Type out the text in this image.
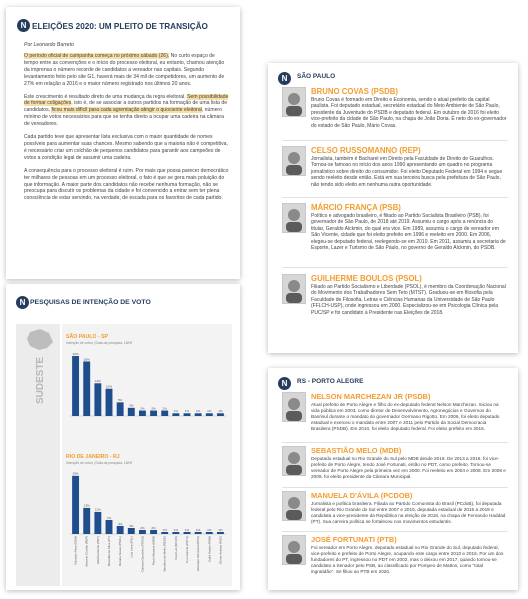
N ELEIÇÕES 2020: UM PLEITO DE TRANSIÇÃO
Por Leonardo Barreto

O período oficial de campanha começa no próximo sábado (26). No curto espaço de tempo entre as convenções e o início do processo eleitoral, eu entanto, chamou atenção da imprensa o número recorde de candidatos a vereador nas capitais. Segundo levantamento feito pelo site G1, haverá mais de 34 mil de competidores, um aumento de 27% em relação a 2016 e o maior número registrado nos últimos 20 anos.

Este crescimento é resultado direto de uma mudança da regra eleitoral. Sem possibilidade de formar coligações, isto é, de se associar a outros partidos na formação de uma lista de candidatos, ficou mais difícil para cada agremiação atingir o quociente eleitoral, número mínimo de votos necessários para que se tenha direito a ocupar uma cadeira na câmara de vereadores.

Cada partido teve que apresentar lista exclusiva com o maior quantidade de nomes possíveis para aumentar suas chances. Mesmo sabendo que a maioria não é competitiva, é necessário criar um colchão de pequenos candidatos para garantir aos campeões de votos a condição legal de assumir uma cadeira.

A consequência para o processo eleitoral é ruim. Por mais que possa parecer democrático ter milhares de pessoas em um processo eleitoral, o fato é que se gera mais poluição do que informação. A maior parte dos candidatos não recebe nenhuma formação, não se preocupa para discutir os problemas da cidade e foi convencido a entrar sem ter plena consciência de estar servindo, na verdade, de escada para os favoritos de cada partido.

N PESQUISAS DE INTENÇÃO DE VOTO
SUDESTE
SÃO PAULO - SP
Intenção de votos | Data da pesquisa: 18/09
22%
20%
12%
10%
5%
3%
2% 2% 2%
1% 1% 1% 1% 1%
RIO DE JANEIRO - RJ
Intenção de votos | Data da pesquisa: 18/09
29%
Eduardo Paes (DEM)
13%
Marcelo Crivella (REP)
11%
Martha Rocha (PDT)
7%
Benedita da Silva (PT)
4%
Renata Souza (PSOL)
3%
Luiz Lima (PSL)
2%
Clarissa Garotinho (PROS)
2%
Paulo Messina (MDB)
1%
Bandeira de Mello (REDE)
1%
Fred Luz (NOVO)
1%
Cyro Garcia (PSTU)
1%
Henrique Simonard (PCO)
1%
Suêd Haidar (PMB)
1%
Glória Heloiza (PSC)
N	SÃO PAULO
BRUNO COVAS (PSDB)
Bruno Covas é formado em Direito e Economia, sendo o atual prefeito da capital paulista. Foi deputado estadual, secretário estadual do Meio Ambiente de São Paulo, presidente da Juventude do PSDB e deputado federal. Em outubro de 2016 foi eleito vice-prefeito da cidade de São Paulo, na chapa de João Doria. É neto do ex-governador do estado de São Paulo, Mário Covas.
CELSO RUSSOMANNO (REP)
Jornalista, também é Bacharel em Direito pela Faculdade de Direito de Guarulhos. Tornou-se famoso no início dos anos 1990 apresentando um quadro no programa jornalístico sobre direito do consumidor. Foi eleito Deputado Federal em 1994 e segue sendo reeleito desde então. Está em sua terceira busca pela prefeitura de São Paulo, não tendo sido eleito em nenhuma outra oportunidade.
MÁRCIO FRANÇA (PSB)
Político e advogado brasileiro, é filiado ao Partido Socialista Brasileiro (PSB), foi governador de São Paulo, de 2018 até 2019. Assumiu o cargo após a renúncia do titular, Geraldo Alckmin, do qual era vice. Em 1989, assumiu o cargo de vereador em São Vicente, cidade que foi eleito prefeito em 1996 e reeleito em 2000. Em 2006, elegeu-se deputado federal, reelegendo-se em 2010. Em 2011, assumiu a secretaria de Esporte, Lazer e Turismo de São Paulo, no governo de Geraldo Alckmin, do PSDB.
GUILHERME BOULOS (PSOL)
Filiado ao Partido Socialismo e Liberdade (PSOL), é membro da Coordenação Nacional do Movimento dos Trabalhadores Sem Teto (MTST). Graduou-se em filosofia pela Faculdade de Filosofia, Letras e Ciências Humanas da Universidade de São Paulo (FFLCH-USP), onde ingressou em 2000. Especializou-se em Psicologia Clínica pela PUC/SP e foi candidato à Presidente nas Eleições de 2018.
N	RS - PORTO ALEGRE
NELSON MARCHEZAN JR (PSDB)
Atual prefeito de Porto Alegre e filho do ex-deputado federal Nelson Marchezan. Iniciou na vida pública em 2003, como diretor de Desenvolvimento, Agronegócios e Governos do Banrisul durante o mandato do governador Germano Rigotto. Em 2006, foi eleito deputado estadual e exerceu o mandato entre 2007 e 2011 pelo Partido da Social Democracia Brasileira (PSDB). Em 2010, foi eleito deputado federal. Foi eleito prefeito em 2016.
SEBASTIÃO MELO (MDB)
Deputado estadual no Rio Grande do Sul pelo MDB desde 2019. De 2013 a 2016, foi vice-prefeito de Porto Alegre, tendo José Fortunati, então no PDT, como prefeito. Tornou-se vereador de Porto Alegre pela primeira vez em 2000. Foi reeleito em 2004 e 2008. Em 2008 e 2009, foi eleito presidente da Câmara Municipal.
MANUELA D'ÁVILA (PCDOB)
Jornalista e política brasileira. Filiada ao Partido Comunista do Brasil (PCdoB), foi deputada federal pelo Rio Grande do Sul entre 2007 e 2015, deputada estadual de 2015 a 2019 e candidata a vice-presidente da República na eleição de 2018, na chapa de Fernando Haddad (PT). Sua carreira política se fortaleceu nos movimentos estudantis.
JOSÉ FORTUNATI (PTB)
Foi vereador em Porto Alegre, deputado estadual no Rio Grande do Sul, deputado federal, vice-prefeito e prefeito de Porto Alegre, ocupando este cargo entre 2010 e 2016. Por um dos fundadores do PT, ingressou no PDT em 2002, mas o deixou em 2017, quando tornou-se candidato a Senador pelo PSB, ao classificado por Pompeo de Mattos, como "total ingratidão". Se filiou ao PTB em 2020.
